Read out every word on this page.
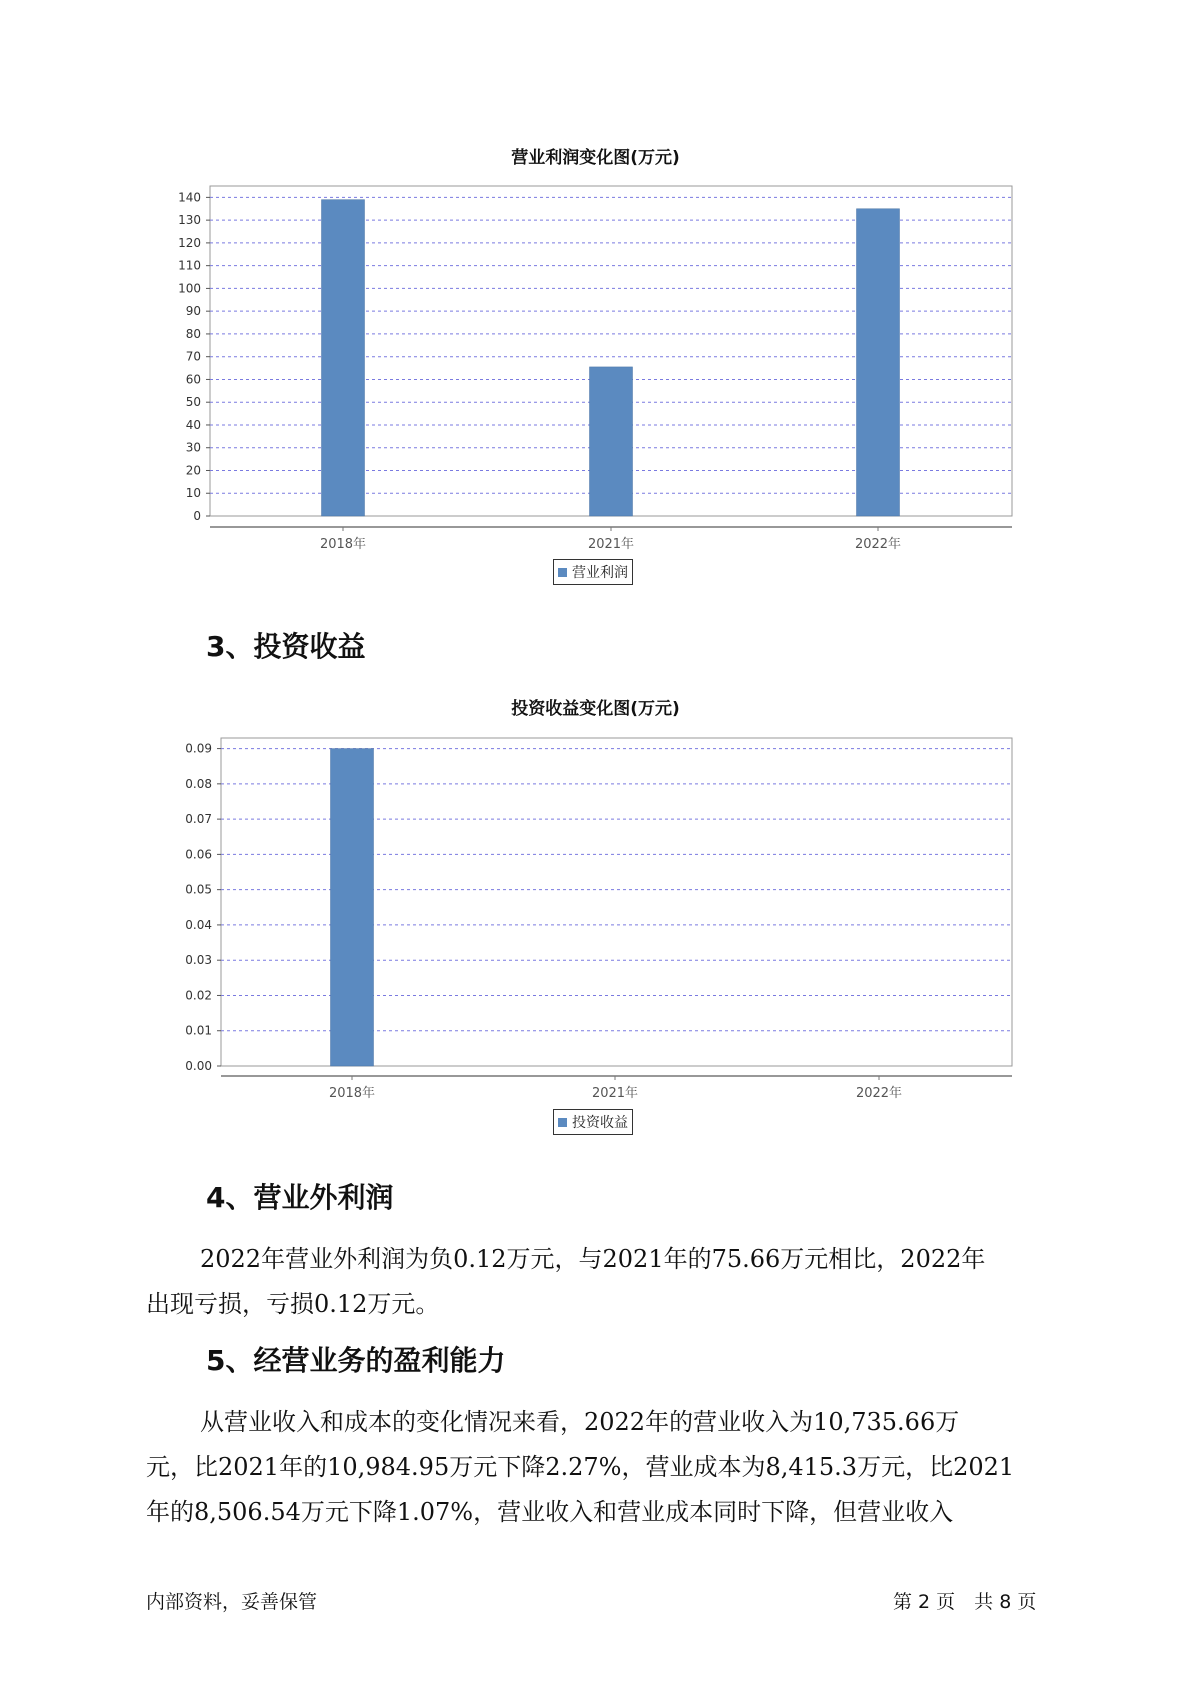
营业利润变化图(万元)
0
10
20
30
40
50
60
70
80
90
100
110
120
130
140
2018年	2021年	2022年
营业利润
3、投资收益
投资收益变化图(万元)
0.00
0.01
0.02
0.03
0.04
0.05
0.06
0.07
0.08
0.09
2018年	2021年	2022年
投资收益
4、营业外利润

2022年营业外利润为负0.12万元，与2021年的75.66万元相比，2022年
出现亏损，亏损0.12万元。

5、经营业务的盈利能力

从营业收入和成本的变化情况来看，2022年的营业收入为10,735.66万
元，比2021年的10,984.95万元下降2.27%，营业成本为8,415.3万元，比2021
年的8,506.54万元下降1.07%，营业收入和营业成本同时下降，但营业收入

内部资料，妥善保管	第 2 页　共 8 页
